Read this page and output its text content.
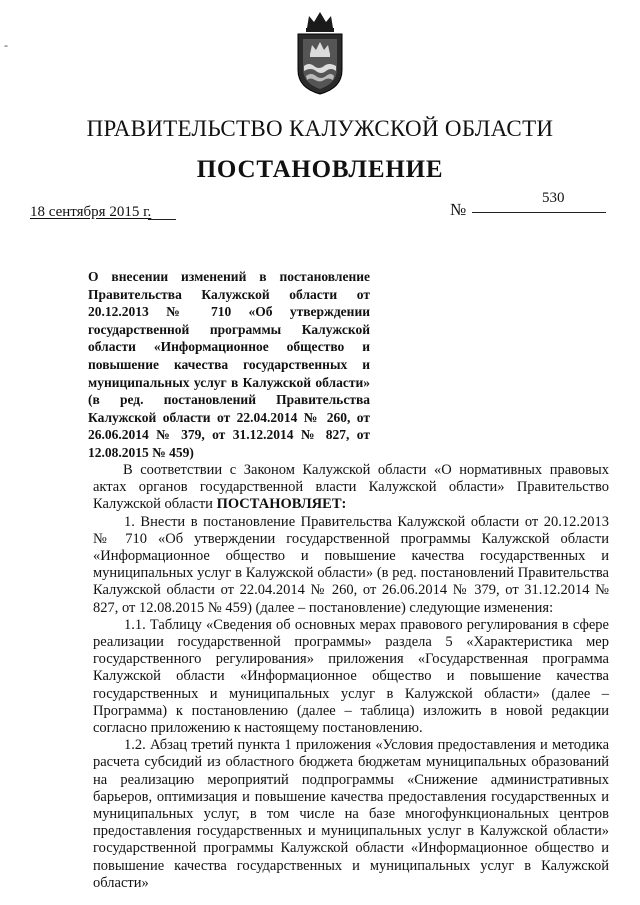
-
ПРАВИТЕЛЬСТВО КАЛУЖСКОЙ ОБЛАСТИ
ПОСТАНОВЛЕНИЕ
18 сентября 2015 г.	№
530
О внесении изменений в постановление Правительства Калужской области от 20.12.2013 № 710 «Об утверждении государственной программы Калужской области «Информационное общество и повышение качества государственных и муниципальных услуг в Калужской области» (в ред. постановлений Правительства Калужской области от 22.04.2014 № 260, от 26.06.2014 № 379, от 31.12.2014 № 827, от 12.08.2015 № 459)

В соответствии с Законом Калужской области «О нормативных правовых актах органов государственной власти Калужской области» Правительство Калужской области ПОСТАНОВЛЯЕТ:

1. Внести в постановление Правительства Калужской области от 20.12.2013 № 710 «Об утверждении государственной программы Калужской области «Информационное общество и повышение качества государственных и муниципальных услуг в Калужской области» (в ред. постановлений Правительства Калужской области от 22.04.2014 № 260, от 26.06.2014 № 379, от 31.12.2014 № 827, от 12.08.2015 № 459) (далее – постановление) следующие изменения:

1.1. Таблицу «Сведения об основных мерах правового регулирования в сфере реализации государственной программы» раздела 5 «Характеристика мер государственного регулирования» приложения «Государственная программа Калужской области «Информационное общество и повышение качества государственных и муниципальных услуг в Калужской области» (далее – Программа) к постановлению (далее – таблица) изложить в новой редакции согласно приложению к настоящему постановлению.

1.2. Абзац третий пункта 1 приложения «Условия предоставления и методика расчета субсидий из областного бюджета бюджетам муниципальных образований на реализацию мероприятий подпрограммы «Снижение административных барьеров, оптимизация и повышение качества предоставления государственных и муниципальных услуг, в том числе на базе многофункциональных центров предоставления государственных и муниципальных услуг в Калужской области» государственной программы Калужской области «Информационное общество и повышение качества государственных и муниципальных услуг в Калужской области»
